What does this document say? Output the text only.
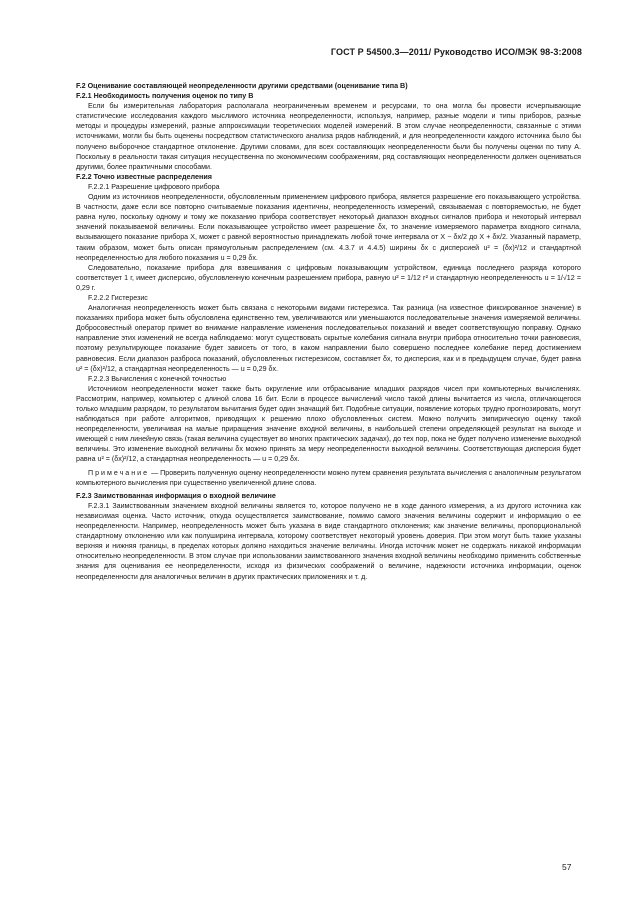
ГОСТ Р 54500.3—2011/ Руководство ИСО/МЭК 98-3:2008
F.2 Оценивание составляющей неопределенности другими средствами (оценивание типа В)
F.2.1 Необходимость получения оценок по типу В

Если бы измерительная лаборатория располагала неограниченным временем и ресурсами, то она могла бы провести исчерпывающие статистические исследования каждого мыслимого источника неопределенности, используя, например, разные модели и типы приборов, разные методы и процедуры измерений, разные аппроксимации теоретических моделей измерений. В этом случае неопределенности, связанные с этими источниками, могли бы быть оценены посредством статистического анализа рядов наблюдений, и для неопределенности каждого источника было бы получено выборочное стандартное отклонение. Другими словами, для всех составляющих неопределенности были бы получены оценки по типу А. Поскольку в реальности такая ситуация несущественна по экономическим соображениям, ряд составляющих неопределенности должен оцениваться другими, более практичными способами.

F.2.2 Точно известные распределения
F.2.2.1 Разрешение цифрового прибора

Одним из источников неопределенности, обусловленным применением цифрового прибора, является разрешение его показывающего устройства. В частности, даже если все повторно считываемые показания идентичны, неопределенность измерений, связываемая с повторяемостью, не будет равна нулю, поскольку одному и тому же показанию прибора соответствует некоторый диапазон входных сигналов прибора и некоторый интервал значений показываемой величины. Если показывающее устройство имеет разрешение δх, то значение измеряемого параметра входного сигнала, вызывающего показание прибора X, может с равной вероятностью принадлежать любой точке интервала от X − δх/2 до X + δх/2. Указанный параметр, таким образом, может быть описан прямоугольным распределением (см. 4.3.7 и 4.4.5) ширины δх с дисперсией u² = (δх)²/12 и стандартной неопределенностью для любого показания u = 0,29 δх.

Следовательно, показание прибора для взвешивания с цифровым показывающим устройством, единица последнего разряда которого соответствует 1 г, имеет дисперсию, обусловленную конечным разрешением прибора, равную u² = 1/12 г² и стандартную неопределенность u = 1/√12 = 0,29 г.

F.2.2.2 Гистерезис

Аналогичная неопределенность может быть связана с некоторыми видами гистерезиса. Так разница (на известное фиксированное значение) в показаниях прибора может быть обусловлена единственно тем, увеличиваются или уменьшаются последовательные значения измеряемой величины. Добросовестный оператор примет во внимание направление изменения последовательных показаний и введет соответствующую поправку. Однако направление этих изменений не всегда наблюдаемо: могут существовать скрытые колебания сигнала внутри прибора относительно точки равновесия, поэтому результирующее показание будет зависеть от того, в каком направлении было совершено последнее колебание перед достижением равновесия. Если диапазон разброса показаний, обусловленных гистерезисом, составляет δх, то дисперсия, как и в предыдущем случае, будет равна u² = (δх)²/12, а стандартная неопределенность — u = 0,29 δх.

F.2.2.3 Вычисления с конечной точностью

Источником неопределенности может также быть округление или отбрасывание младших разрядов чисел при компьютерных вычислениях. Рассмотрим, например, компьютер с длиной слова 16 бит. Если в процессе вычислений число такой длины вычитается из числа, отличающегося только младшим разрядом, то результатом вычитания будет один значащий бит. Подобные ситуации, появление которых трудно прогнозировать, могут наблюдаться при работе алгоритмов, приводящих к решению плохо обусловленных систем. Можно получить эмпирическую оценку такой неопределенности, увеличивая на малые приращения значение входной величины, в наибольшей степени определяющей результат на выходе и имеющей с ним линейную связь (такая величина существует во многих практических задачах), до тех пор, пока не будет получено изменение выходной величины. Это изменение выходной величины δх можно принять за меру неопределенности выходной величины. Соответствующая дисперсия будет равна u² = (δх)²/12, а стандартная неопределенность — u = 0,29 δх.

Примечание — Проверить полученную оценку неопределенности можно путем сравнения результата вычисления с аналогичным результатом компьютерного вычисления при существенно увеличенной длине слова.

F.2.3 Заимствованная информация о входной величине

F.2.3.1 Заимствованным значением входной величины является то, которое получено не в ходе данного измерения, а из другого источника как независимая оценка. Часто источник, откуда осуществляется заимствование, помимо самого значения величины содержит и информацию о ее неопределенности. Например, неопределенность может быть указана в виде стандартного отклонения; как значение величины, пропорциональной стандартному отклонению или как полуширина интервала, которому соответствует некоторый уровень доверия. При этом могут быть также указаны верхняя и нижняя границы, в пределах которых должно находиться значение величины. Иногда источник может не содержать никакой информации относительно неопределенности. В этом случае при использовании заимствованного значения входной величины необходимо применить собственные знания для оценивания ее неопределенности, исходя из физических соображений о величине, надежности источника информации, оценок неопределенности для аналогичных величин в других практических приложениях и т. д.

57
